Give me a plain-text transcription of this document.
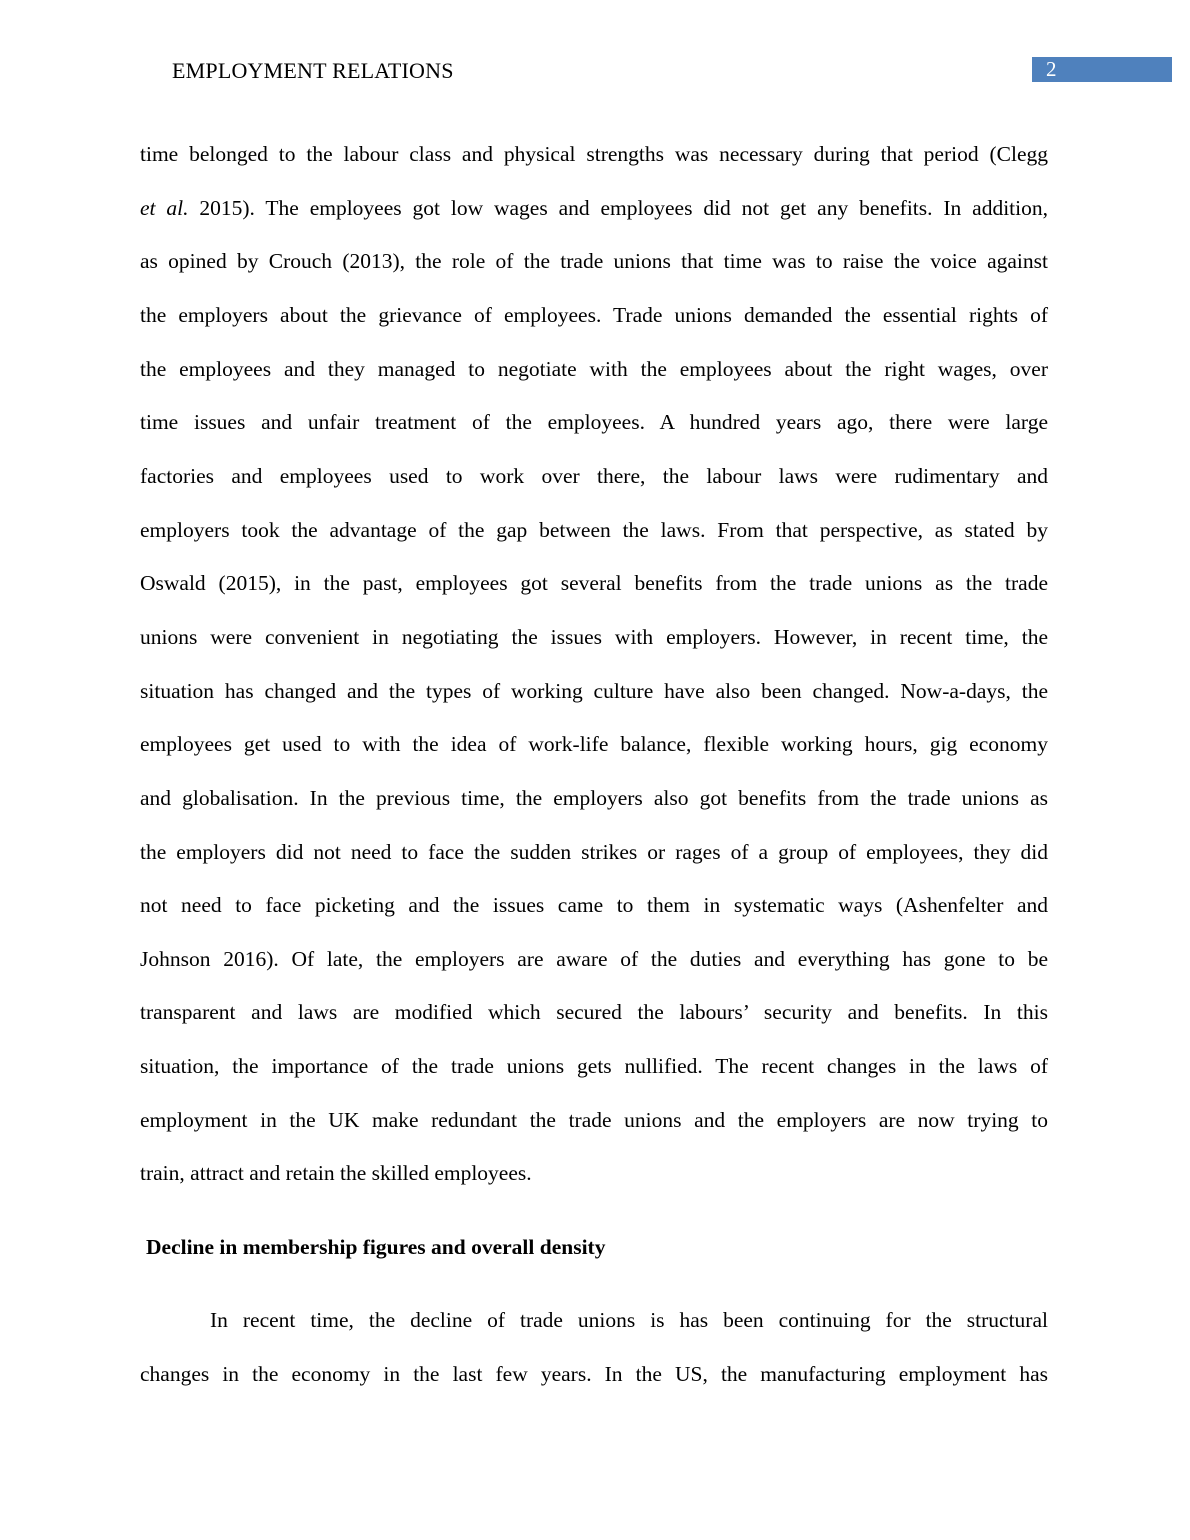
EMPLOYMENT RELATIONS	2
time belonged to the labour class and physical strengths was necessary during that period (Clegg
et al. 2015). The employees got low wages and employees did not get any benefits. In addition,
as opined by Crouch (2013), the role of the trade unions that time was to raise the voice against
the employers about the grievance of employees. Trade unions demanded the essential rights of
the employees and they managed to negotiate with the employees about the right wages, over
time issues and unfair treatment of the employees. A hundred years ago, there were large
factories and employees used to work over there, the labour laws were rudimentary and
employers took the advantage of the gap between the laws. From that perspective, as stated by
Oswald (2015), in the past, employees got several benefits from the trade unions as the trade
unions were convenient in negotiating the issues with employers. However, in recent time, the
situation has changed and the types of working culture have also been changed. Now-a-days, the
employees get used to with the idea of work-life balance, flexible working hours, gig economy
and globalisation. In the previous time, the employers also got benefits from the trade unions as
the employers did not need to face the sudden strikes or rages of a group of employees, they did
not need to face picketing and the issues came to them in systematic ways (Ashenfelter and
Johnson 2016). Of late, the employers are aware of the duties and everything has gone to be
transparent and laws are modified which secured the labours’ security and benefits. In this
situation, the importance of the trade unions gets nullified. The recent changes in the laws of
employment in the UK make redundant the trade unions and the employers are now trying to
train, attract and retain the skilled employees.
Decline in membership figures and overall density
In recent time, the decline of trade unions is has been continuing for the structural
changes in the economy in the last few years. In the US, the manufacturing employment has
